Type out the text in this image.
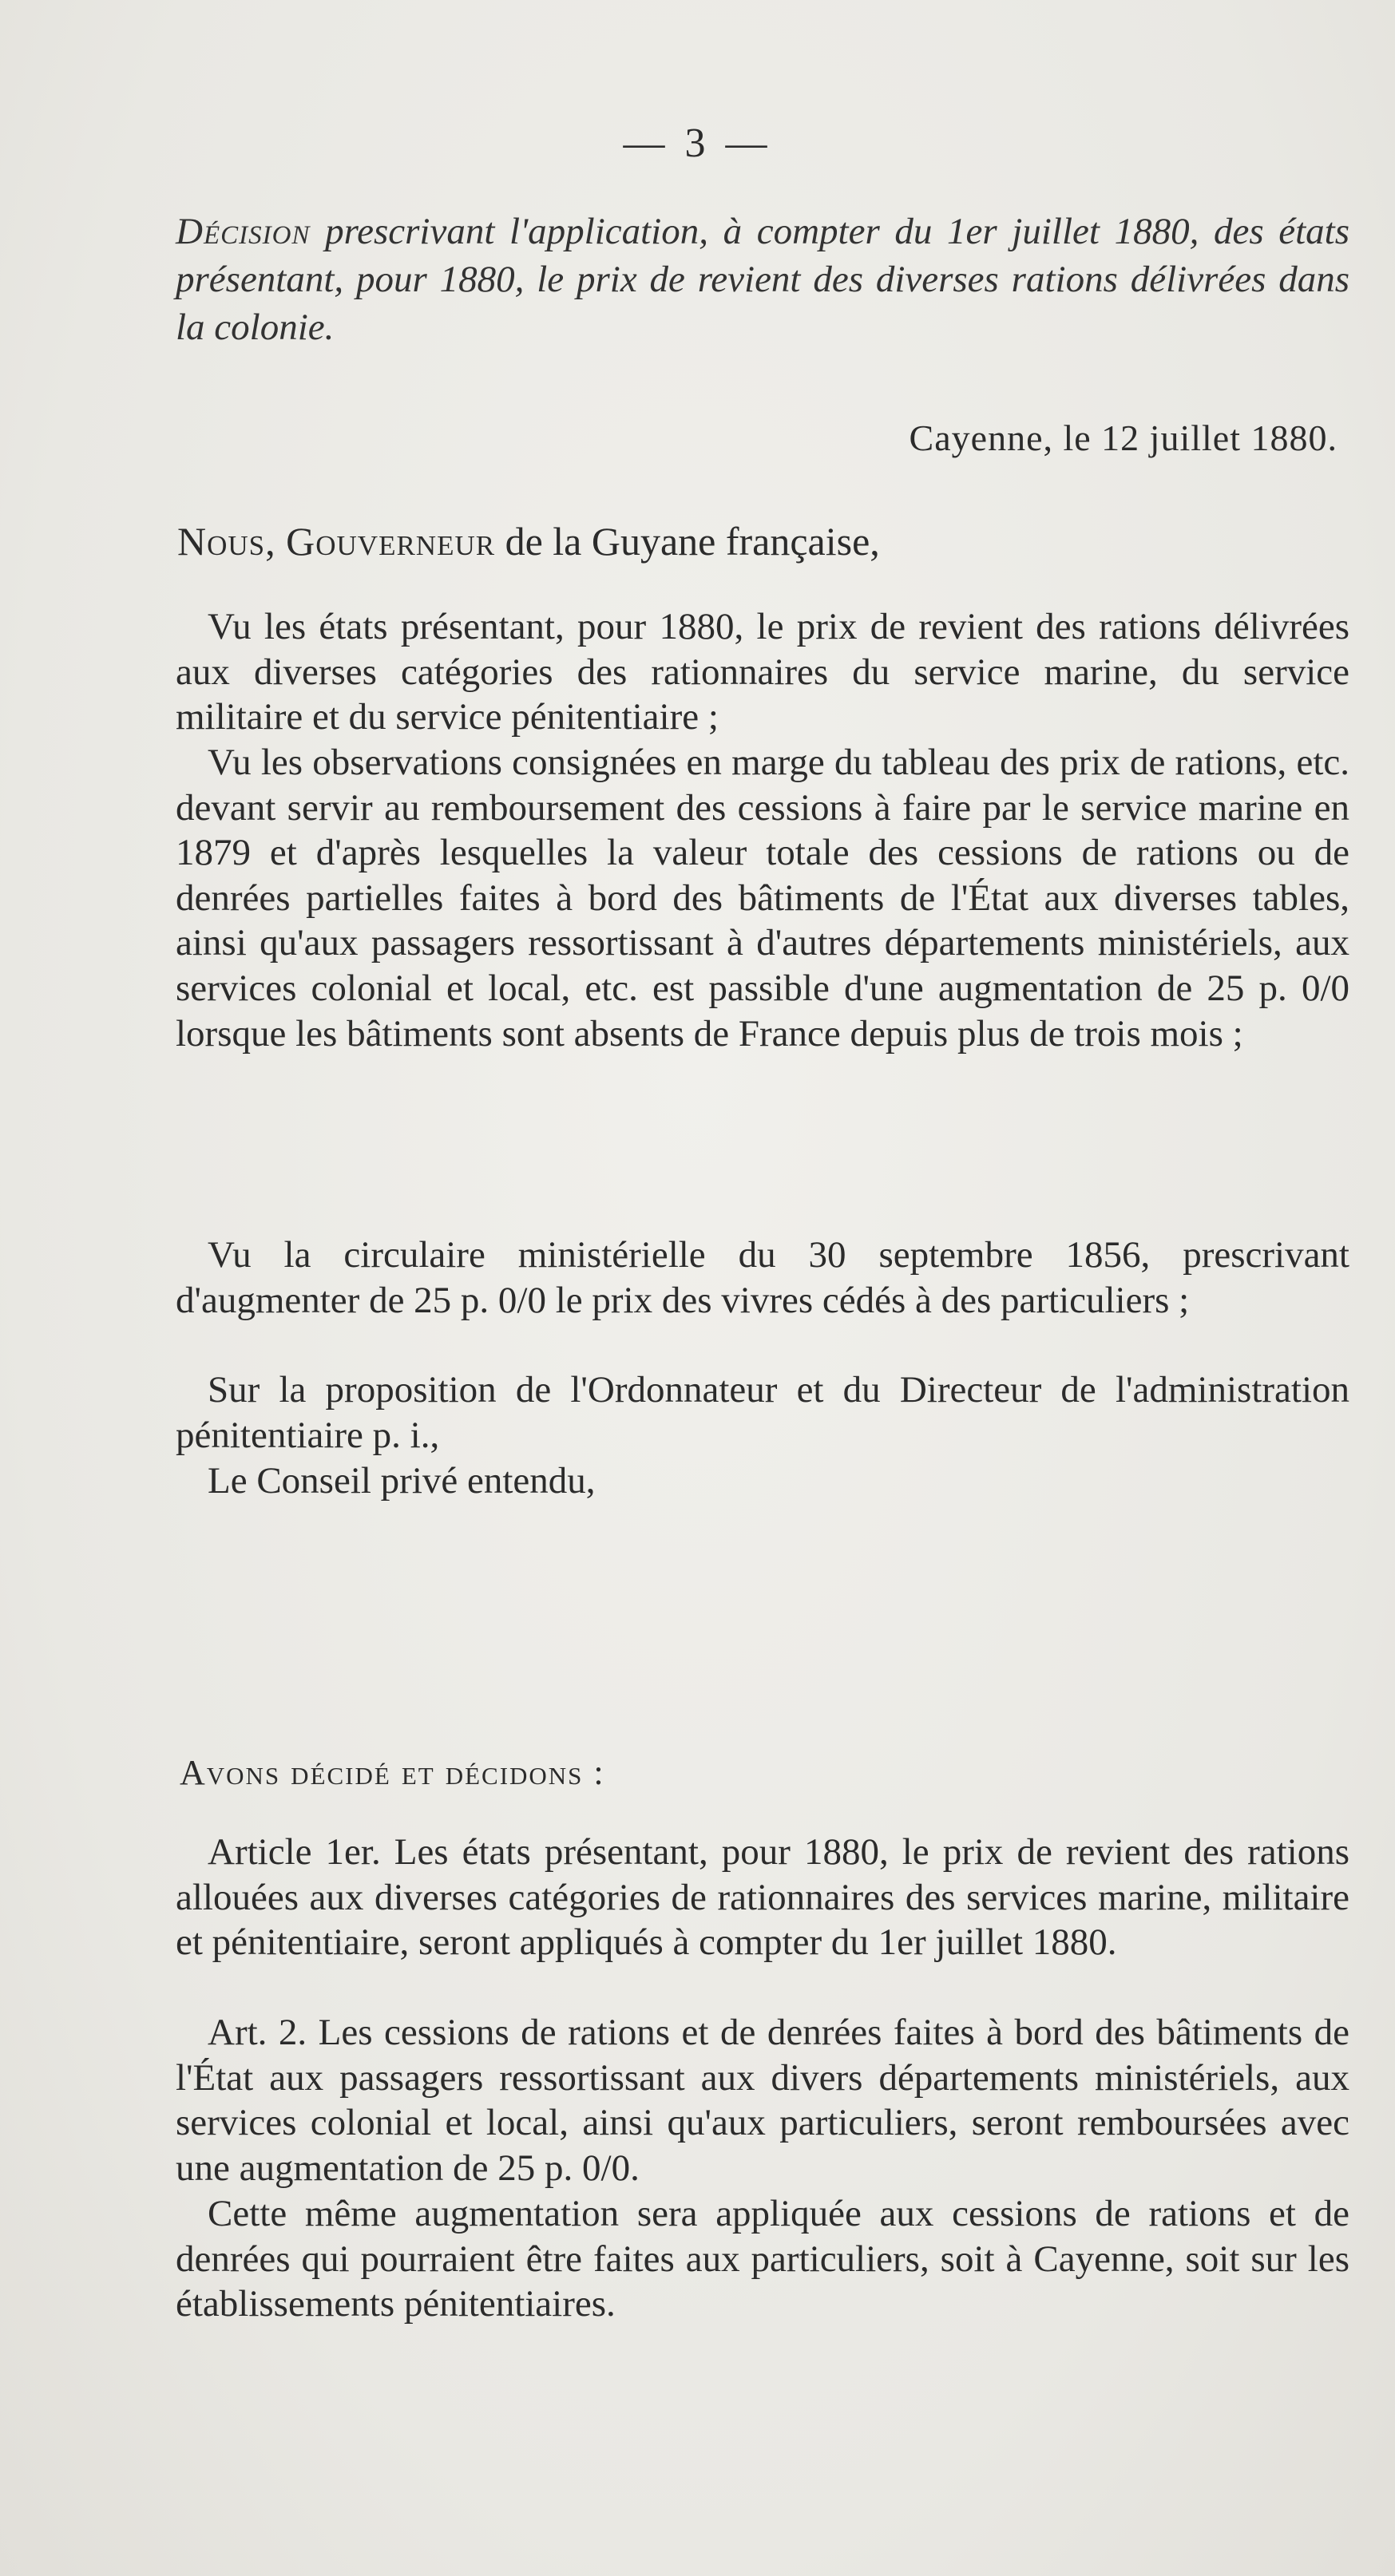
— 3 —
Décision prescrivant l'application, à compter du 1er juillet 1880, des états présentant, pour 1880, le prix de revient des diverses rations délivrées dans la colonie.
Cayenne, le 12 juillet 1880.
Nous, Gouverneur de la Guyane française,
Vu les états présentant, pour 1880, le prix de revient des rations délivrées aux diverses catégories des rationnaires du service marine, du service militaire et du service pénitentiaire ;
Vu les observations consignées en marge du tableau des prix de rations, etc. devant servir au remboursement des cessions à faire par le service marine en 1879 et d'après lesquelles la valeur totale des cessions de rations ou de denrées partielles faites à bord des bâtiments de l'État aux diverses tables, ainsi qu'aux passagers ressortissant à d'autres départements ministériels, aux services colonial et local, etc. est passible d'une augmentation de 25 p. 0/0 lorsque les bâtiments sont absents de France depuis plus de trois mois ;
Vu la circulaire ministérielle du 30 septembre 1856, prescrivant d'augmenter de 25 p. 0/0 le prix des vivres cédés à des particuliers ;
Sur la proposition de l'Ordonnateur et du Directeur de l'administration pénitentiaire p. i.,
Le Conseil privé entendu,
Avons décidé et décidons :
Article 1er. Les états présentant, pour 1880, le prix de revient des rations allouées aux diverses catégories de rationnaires des services marine, militaire et pénitentiaire, seront appliqués à compter du 1er juillet 1880.
Art. 2. Les cessions de rations et de denrées faites à bord des bâtiments de l'État aux passagers ressortissant aux divers départements ministériels, aux services colonial et local, ainsi qu'aux particuliers, seront remboursées avec une augmentation de 25 p. 0/0.
Cette même augmentation sera appliquée aux cessions de rations et de denrées qui pourraient être faites aux particuliers, soit à Cayenne, soit sur les établissements pénitentiaires.
